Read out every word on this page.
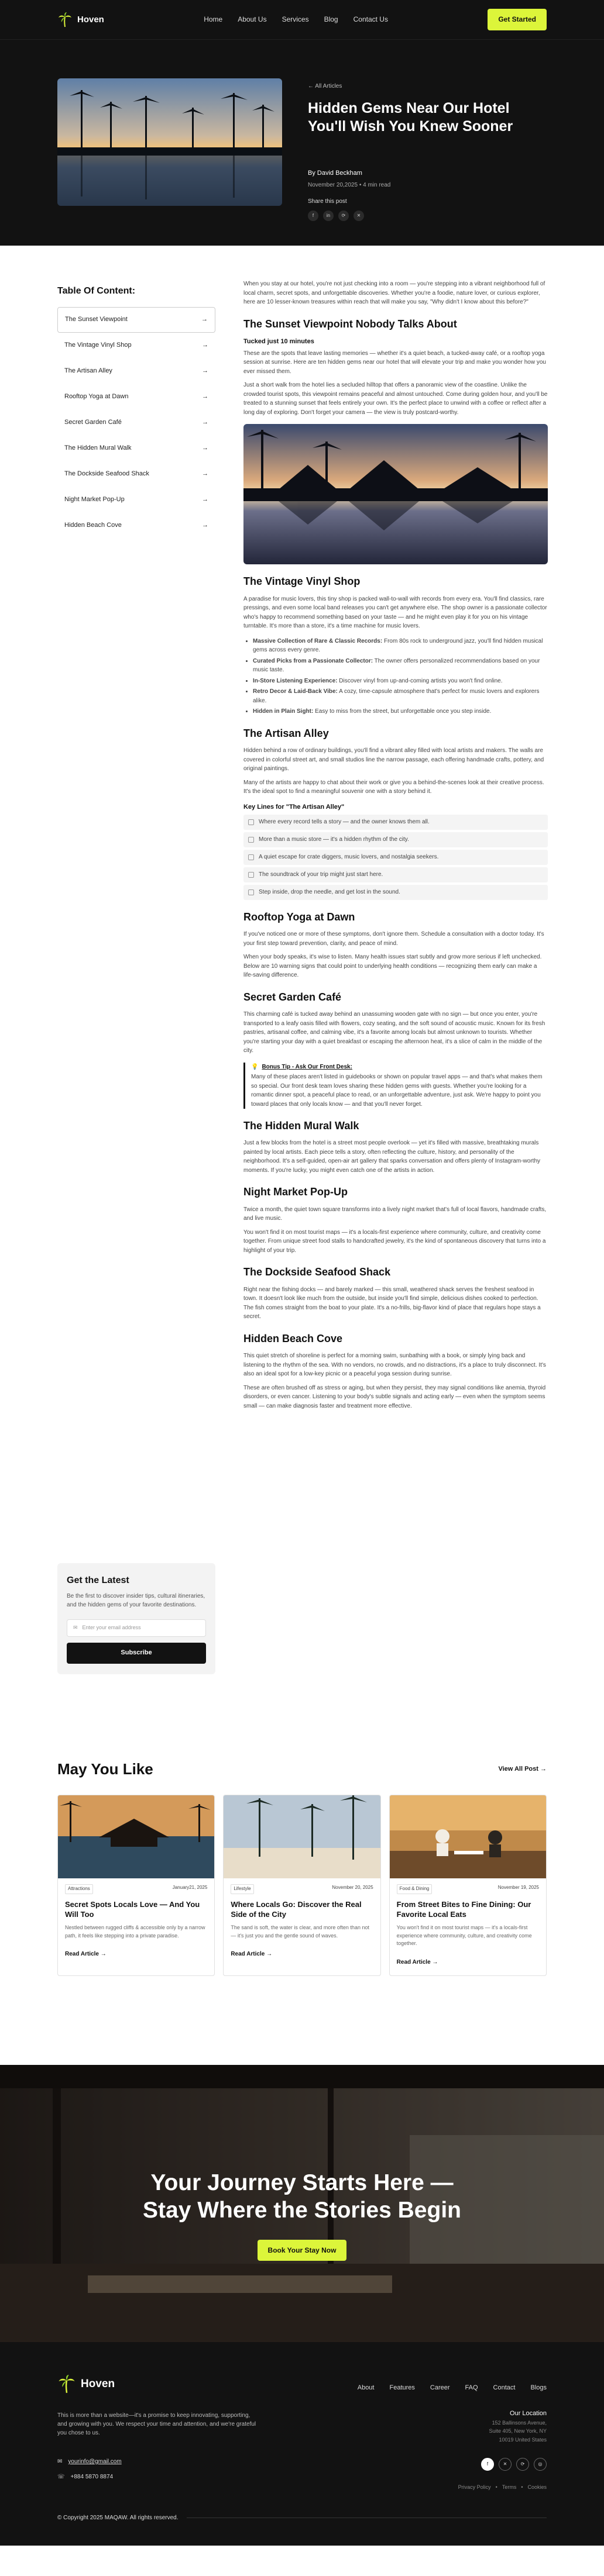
Hoven	Home About Us Services Blog Contact Us	Get Started
← All Articles
Hidden Gems Near Our Hotel You'll Wish You Knew Sooner
By David Beckham
November 20,2025 • 4 min read
Share this post
f	in	⟳	✕
Table Of Content:
The Sunset Viewpoint	→
The Vintage Vinyl Shop	→
The Artisan Alley	→
Rooftop Yoga at Dawn	→
Secret Garden Café	→
The Hidden Mural Walk	→
The Dockside Seafood Shack	→
Night Market Pop-Up	→
Hidden Beach Cove	→

When you stay at our hotel, you're not just checking into a room — you're stepping into a vibrant neighborhood full of local charm, secret spots, and unforgettable discoveries. Whether you're a foodie, nature lover, or curious explorer, here are 10 lesser-known treasures within reach that will make you say, "Why didn't I know about this before?"

The Sunset Viewpoint Nobody Talks About
Tucked just 10 minutes

These are the spots that leave lasting memories — whether it's a quiet beach, a tucked-away café, or a rooftop yoga session at sunrise. Here are ten hidden gems near our hotel that will elevate your trip and make you wonder how you ever missed them.

Just a short walk from the hotel lies a secluded hilltop that offers a panoramic view of the coastline. Unlike the crowded tourist spots, this viewpoint remains peaceful and almost untouched. Come during golden hour, and you'll be treated to a stunning sunset that feels entirely your own. It's the perfect place to unwind with a coffee or reflect after a long day of exploring. Don't forget your camera — the view is truly postcard-worthy.

The Vintage Vinyl Shop

A paradise for music lovers, this tiny shop is packed wall-to-wall with records from every era. You'll find classics, rare pressings, and even some local band releases you can't get anywhere else. The shop owner is a passionate collector who's happy to recommend something based on your taste — and he might even play it for you on his vintage turntable. It's more than a store, it's a time machine for music lovers.

• Massive Collection of Rare & Classic Records: From 80s rock to underground jazz, you'll find hidden musical gems across every genre.
• Curated Picks from a Passionate Collector: The owner offers personalized recommendations based on your music taste.
• In-Store Listening Experience: Discover vinyl from up-and-coming artists you won't find online.
• Retro Decor & Laid-Back Vibe: A cozy, time-capsule atmosphere that's perfect for music lovers and explorers alike.
• Hidden in Plain Sight: Easy to miss from the street, but unforgettable once you step inside.
The Artisan Alley

Hidden behind a row of ordinary buildings, you'll find a vibrant alley filled with local artists and makers. The walls are covered in colorful street art, and small studios line the narrow passage, each offering handmade crafts, pottery, and original paintings.

Many of the artists are happy to chat about their work or give you a behind-the-scenes look at their creative process. It's the ideal spot to find a meaningful souvenir one with a story behind it.

Key Lines for "The Artisan Alley"
Where every record tells a story — and the owner knows them all.
More than a music store — it's a hidden rhythm of the city.
A quiet escape for crate diggers, music lovers, and nostalgia seekers.
The soundtrack of your trip might just start here.
Step inside, drop the needle, and get lost in the sound.
Rooftop Yoga at Dawn

If you've noticed one or more of these symptoms, don't ignore them. Schedule a consultation with a doctor today. It's your first step toward prevention, clarity, and peace of mind.

When your body speaks, it's wise to listen. Many health issues start subtly and grow more serious if left unchecked. Below are 10 warning signs that could point to underlying health conditions — recognizing them early can make a life-saving difference.

Secret Garden Café

This charming café is tucked away behind an unassuming wooden gate with no sign — but once you enter, you're transported to a leafy oasis filled with flowers, cozy seating, and the soft sound of acoustic music. Known for its fresh pastries, artisanal coffee, and calming vibe, it's a favorite among locals but almost unknown to tourists. Whether you're starting your day with a quiet breakfast or escaping the afternoon heat, it's a slice of calm in the middle of the city.

💡 Bonus Tip - Ask Our Front Desk:
Many of these places aren't listed in guidebooks or shown on popular travel apps — and that's what makes them so special. Our front desk team loves sharing these hidden gems with guests. Whether you're looking for a romantic dinner spot, a peaceful place to read, or an unforgettable adventure, just ask. We're happy to point you toward places that only locals know — and that you'll never forget.
The Hidden Mural Walk

Just a few blocks from the hotel is a street most people overlook — yet it's filled with massive, breathtaking murals painted by local artists. Each piece tells a story, often reflecting the culture, history, and personality of the neighborhood. It's a self-guided, open-air art gallery that sparks conversation and offers plenty of Instagram-worthy moments. If you're lucky, you might even catch one of the artists in action.

Night Market Pop-Up

Twice a month, the quiet town square transforms into a lively night market that's full of local flavors, handmade crafts, and live music.

You won't find it on most tourist maps — it's a locals-first experience where community, culture, and creativity come together. From unique street food stalls to handcrafted jewelry, it's the kind of spontaneous discovery that turns into a highlight of your trip.

The Dockside Seafood Shack

Right near the fishing docks — and barely marked — this small, weathered shack serves the freshest seafood in town. It doesn't look like much from the outside, but inside you'll find simple, delicious dishes cooked to perfection. The fish comes straight from the boat to your plate. It's a no-frills, big-flavor kind of place that regulars hope stays a secret.

Hidden Beach Cove

This quiet stretch of shoreline is perfect for a morning swim, sunbathing with a book, or simply lying back and listening to the rhythm of the sea. With no vendors, no crowds, and no distractions, it's a place to truly disconnect. It's also an ideal spot for a low-key picnic or a peaceful yoga session during sunrise.

These are often brushed off as stress or aging, but when they persist, they may signal conditions like anemia, thyroid disorders, or even cancer. Listening to your body's subtle signals and acting early — even when the symptom seems small — can make diagnosis faster and treatment more effective.

Get the Latest
Be the first to discover insider tips, cultural itineraries, and the hidden gems of your favorite destinations.
✉ Enter your email address
Subscribe
May You Like	View All Post →
Attractions	January21, 2025
Secret Spots Locals Love — And You Will Too
Nestled between rugged cliffs & accessible only by a narrow path, it feels like stepping into a private paradise.
Read Article →
Lifestyle	November 20, 2025
Where Locals Go: Discover the Real Side of the City
The sand is soft, the water is clear, and more often than not — it's just you and the gentle sound of waves.
Read Article →
Food & Dining	November 19, 2025
From Street Bites to Fine Dining: Our Favorite Local Eats
You won't find it on most tourist maps — it's a locals-first experience where community, culture, and creativity come together.
Read Article →
Your Journey Starts Here —
Stay Where the Stories Begin
Book Your Stay Now
Hoven	About Features Career FAQ Contact Blogs
This is more than a website—it's a promise to keep innovating, supporting, and growing with you. We respect your time and attention, and we're grateful you chose to us.
✉ yourinfo@gmail.com
☏ +884 5870 8874
Our Location
152 Ballinsons Avenue,
Suite 405, New York, NY
10019 United States
f	✕	⟳	◎
Privacy Policy • Terms • Cookies
© Copyright 2025 MAQAW. All rights reserved.
